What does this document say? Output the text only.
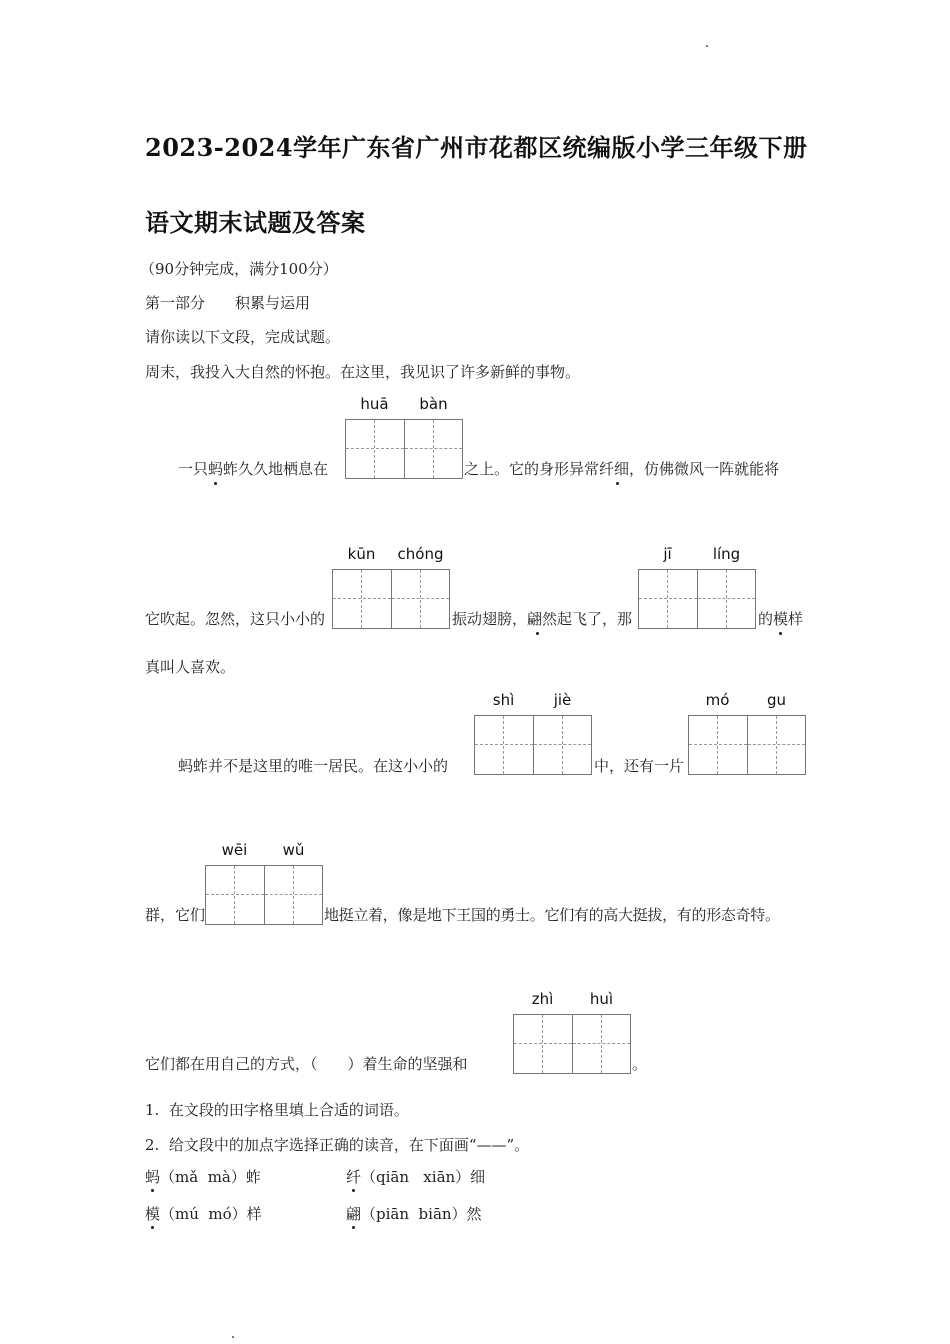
2023-2024学年广东省广州市花都区统编版小学三年级下册
语文期末试题及答案
（90分钟完成，满分100分）
第一部分　　积累与运用
请你读以下文段，完成试题。
周末，我投入大自然的怀抱。在这里，我见识了许多新鲜的事物。
一只蚂蚱久久地栖息在
huā	bàn
之上。它的身形异常纤细，仿佛微风一阵就能将
它吹起。忽然，这只小小的
kūn	chóng
振动翅膀，翩然起飞了，那
jī	líng
的模样
真叫人喜欢。
蚂蚱并不是这里的唯一居民。在这小小的
shì	jiè
中，还有一片
mó	gu
群，它们
wēi	wǔ
地挺立着，像是地下王国的勇士。它们有的高大挺拔，有的形态奇特。
它们都在用自己的方式，（　　）着生命的坚强和
zhì	huì
。
1.  在文段的田字格里填上合适的词语。
2.  给文段中的加点字选择正确的读音，在下面画“——”。
蚂（mǎ  mà）蚱	纤（qiān   xiān）细
模（mú  mó）样	翩（piān  biān）然
